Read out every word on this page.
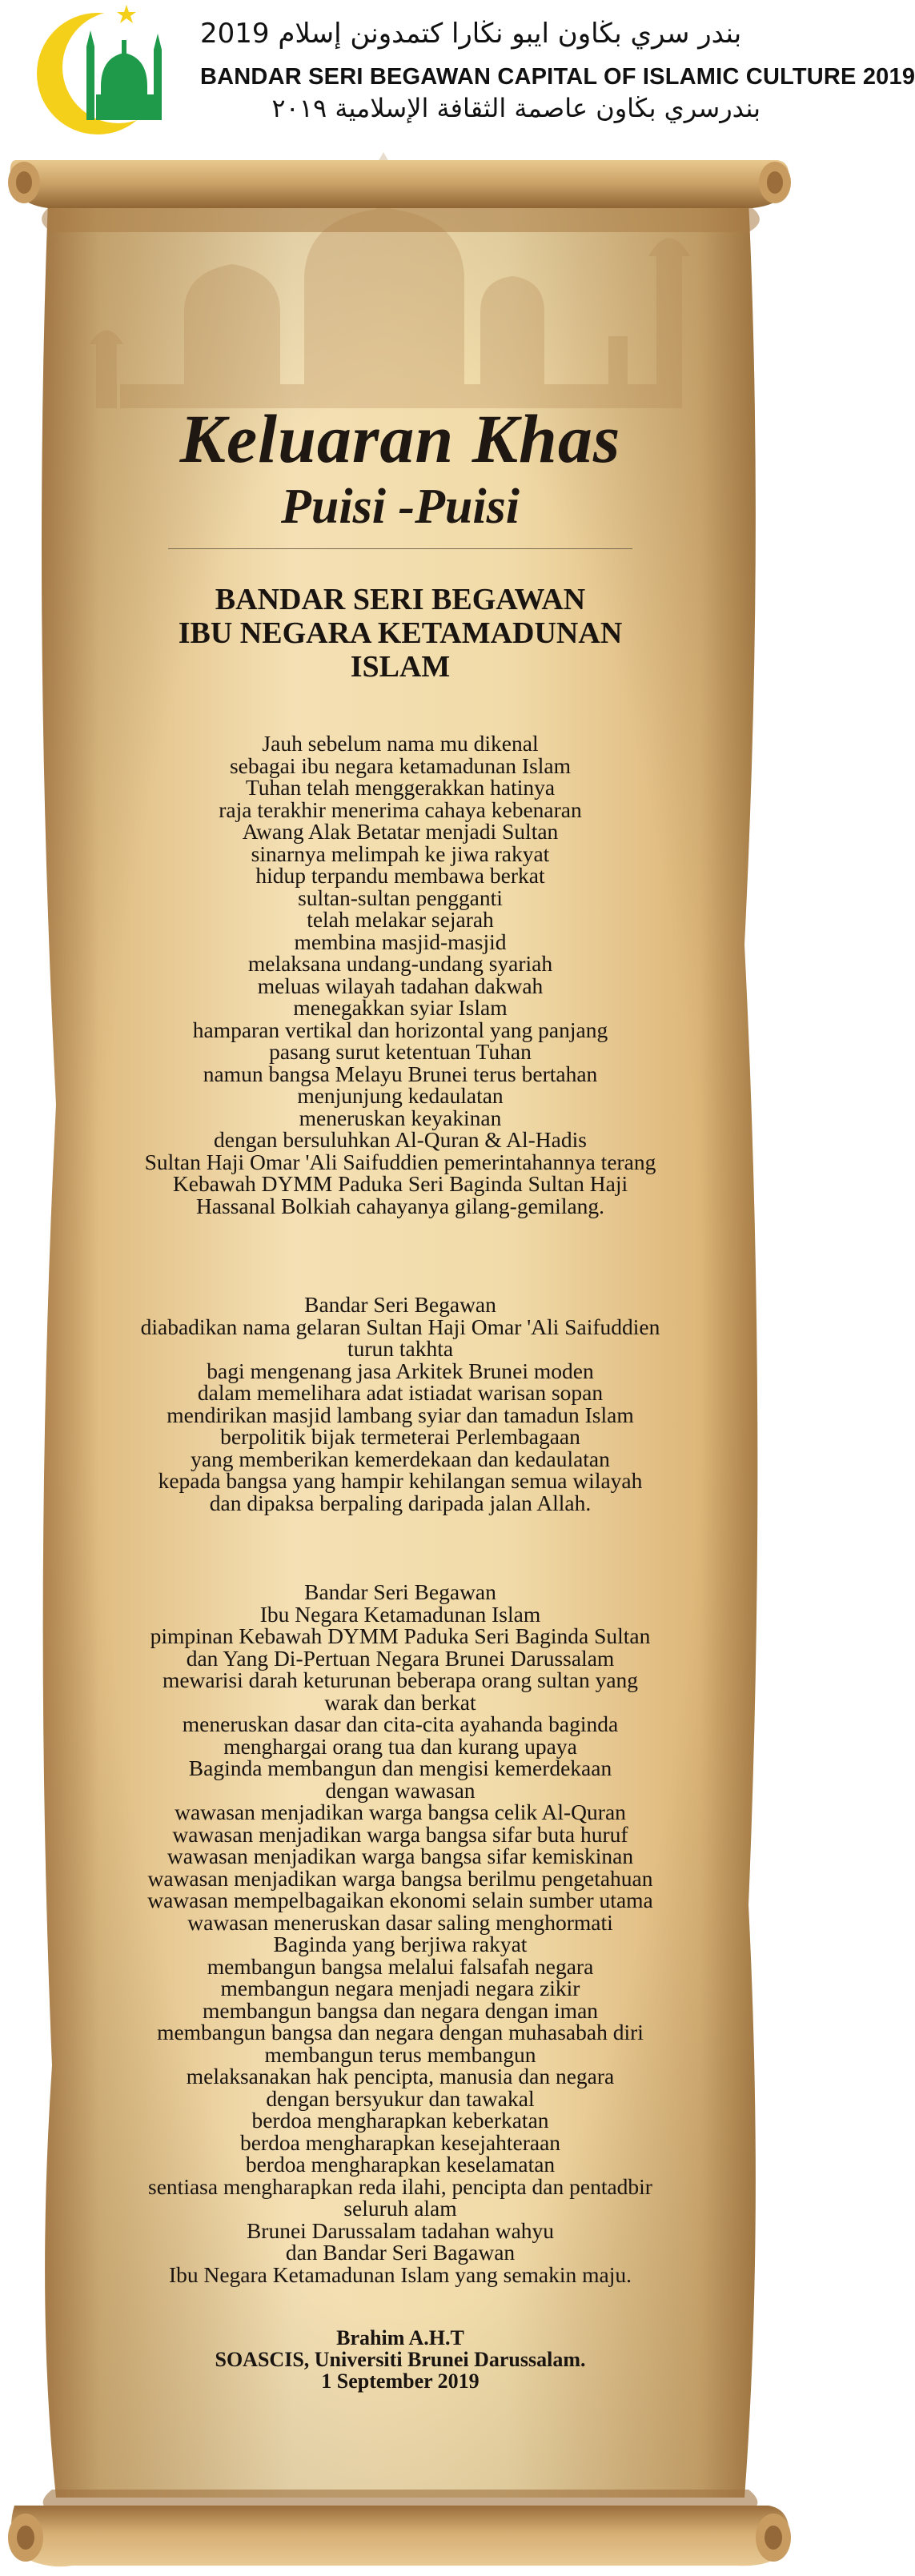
بندر سري بڬاون ايبو نڬارا كتمدونن إسلام 2019
BANDAR SERI BEGAWAN CAPITAL OF ISLAMIC CULTURE 2019
بندرسري بڬاون عاصمة الثقافة الإسلامية ٢٠١٩
Keluaran Khas
Puisi -Puisi
BANDAR SERI BEGAWAN
IBU NEGARA KETAMADUNAN
ISLAM
Jauh sebelum nama mu dikenal
sebagai ibu negara ketamadunan Islam
Tuhan telah menggerakkan hatinya
raja terakhir menerima cahaya kebenaran
Awang Alak Betatar menjadi Sultan
sinarnya melimpah ke jiwa rakyat
hidup terpandu membawa berkat
sultan-sultan pengganti
telah melakar sejarah
membina masjid-masjid
melaksana undang-undang syariah
meluas wilayah tadahan dakwah
menegakkan syiar Islam
hamparan vertikal dan horizontal yang panjang
pasang surut ketentuan Tuhan
namun bangsa Melayu Brunei terus bertahan
menjunjung kedaulatan
meneruskan keyakinan
dengan bersuluhkan Al-Quran & Al-Hadis
Sultan Haji Omar 'Ali Saifuddien pemerintahannya terang
Kebawah DYMM Paduka Seri Baginda Sultan Haji
Hassanal Bolkiah cahayanya gilang-gemilang.
Bandar Seri Begawan
diabadikan nama gelaran Sultan Haji Omar 'Ali Saifuddien
turun takhta
bagi mengenang jasa Arkitek Brunei moden
dalam memelihara adat istiadat warisan sopan
mendirikan masjid lambang syiar dan tamadun Islam
berpolitik bijak termeterai Perlembagaan
yang memberikan kemerdekaan dan kedaulatan
kepada bangsa yang hampir kehilangan semua wilayah
dan dipaksa berpaling daripada jalan Allah.
Bandar Seri Begawan
Ibu Negara Ketamadunan Islam
pimpinan Kebawah DYMM Paduka Seri Baginda Sultan
dan Yang Di-Pertuan Negara Brunei Darussalam
mewarisi darah keturunan beberapa orang sultan yang
warak dan berkat
meneruskan dasar dan cita-cita ayahanda baginda
menghargai orang tua dan kurang upaya
Baginda membangun dan mengisi kemerdekaan
dengan wawasan
wawasan menjadikan warga bangsa celik Al-Quran
wawasan menjadikan warga bangsa sifar buta huruf
wawasan menjadikan warga bangsa sifar kemiskinan
wawasan menjadikan warga bangsa berilmu pengetahuan
wawasan mempelbagaikan ekonomi selain sumber utama
wawasan meneruskan dasar saling menghormati
Baginda yang berjiwa rakyat
membangun bangsa melalui falsafah negara
membangun negara menjadi negara zikir
membangun bangsa dan negara dengan iman
membangun bangsa dan negara dengan muhasabah diri
membangun terus membangun
melaksanakan hak pencipta, manusia dan negara
dengan bersyukur dan tawakal
berdoa mengharapkan keberkatan
berdoa mengharapkan kesejahteraan
berdoa mengharapkan keselamatan
sentiasa mengharapkan reda ilahi, pencipta dan pentadbir
seluruh alam
Brunei Darussalam tadahan wahyu
dan Bandar Seri Bagawan
Ibu Negara Ketamadunan Islam yang semakin maju.
Brahim A.H.T
SOASCIS, Universiti Brunei Darussalam.
1 September 2019
